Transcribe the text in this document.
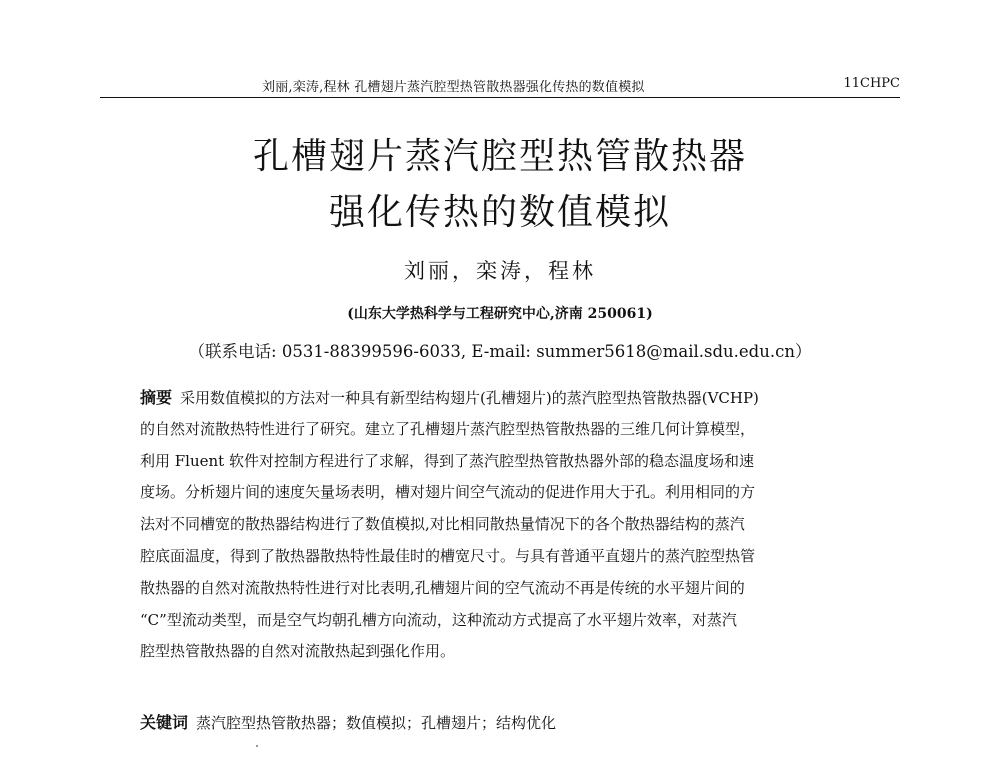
刘丽,栾涛,程林 孔槽翅片蒸汽腔型热管散热器强化传热的数值模拟	11CHPC
孔槽翅片蒸汽腔型热管散热器
强化传热的数值模拟
刘丽，栾涛，程林
(山东大学热科学与工程研究中心,济南 250061)
（联系电话: 0531-88399596-6033, E-mail: summer5618@mail.sdu.edu.cn）
摘要 采用数值模拟的方法对一种具有新型结构翅片(孔槽翅片)的蒸汽腔型热管散热器(VCHP)
的自然对流散热特性进行了研究。建立了孔槽翅片蒸汽腔型热管散热器的三维几何计算模型，
利用 Fluent 软件对控制方程进行了求解，得到了蒸汽腔型热管散热器外部的稳态温度场和速
度场。分析翅片间的速度矢量场表明，槽对翅片间空气流动的促进作用大于孔。利用相同的方
法对不同槽宽的散热器结构进行了数值模拟,对比相同散热量情况下的各个散热器结构的蒸汽
腔底面温度，得到了散热器散热特性最佳时的槽宽尺寸。与具有普通平直翅片的蒸汽腔型热管
散热器的自然对流散热特性进行对比表明,孔槽翅片间的空气流动不再是传统的水平翅片间的
“C”型流动类型，而是空气均朝孔槽方向流动，这种流动方式提高了水平翅片效率，对蒸汽
腔型热管散热器的自然对流散热起到强化作用。
关键词 蒸汽腔型热管散热器；数值模拟；孔槽翅片；结构优化
